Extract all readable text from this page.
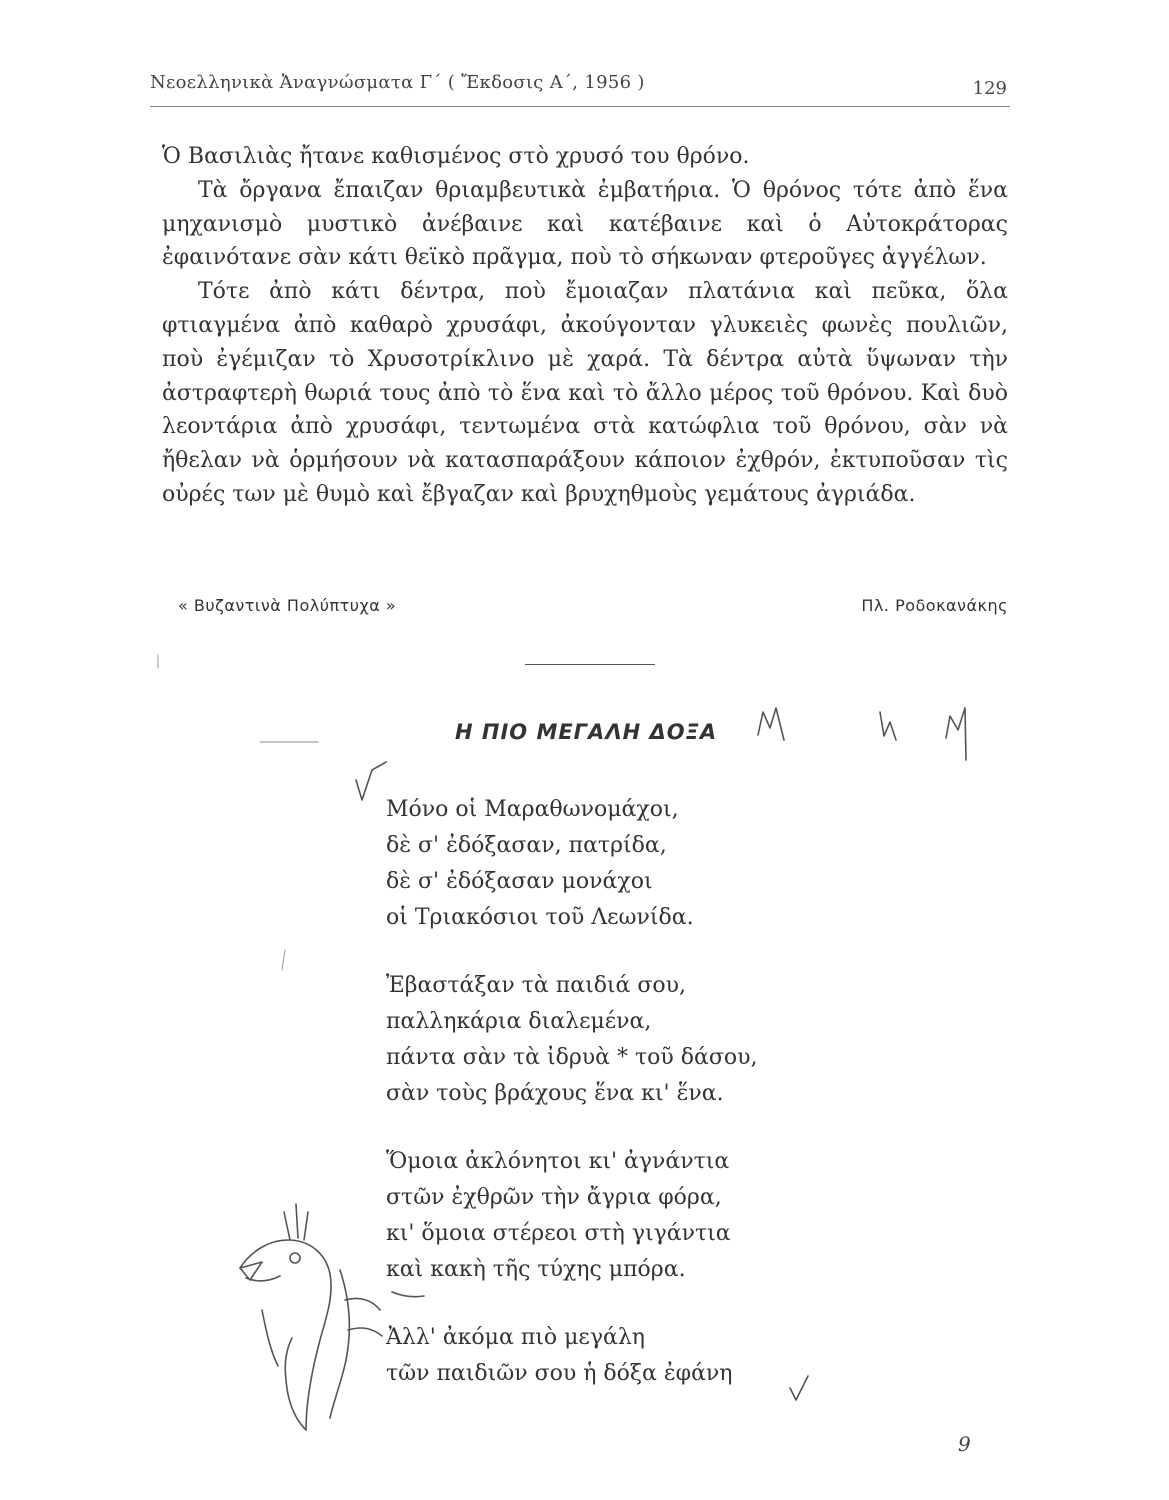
Νεοελληνικὰ Ἀναγνώσματα Γ´ ( Ἔκδοσις Α´, 1956 )	129

Ὁ Βασιλιὰς ἤτανε καθισμένος στὸ χρυσό του θρόνο.

Τὰ ὄργανα ἔπαιζαν θριαμβευτικὰ ἐμβατήρια. Ὁ θρόνος τότε ἀπὸ ἕνα μηχανισμὸ μυστικὸ ἀνέβαινε καὶ κατέβαινε καὶ ὁ Αὐτοκράτορας ἐφαινότανε σὰν κάτι θεϊκὸ πρᾶγμα, ποὺ τὸ σήκωναν φτεροῦγες ἀγγέλων.

Τότε ἀπὸ κάτι δέντρα, ποὺ ἔμοιαζαν πλατάνια καὶ πεῦκα, ὅλα φτιαγμένα ἀπὸ καθαρὸ χρυσάφι, ἀκούγονταν γλυκειὲς φωνὲς πουλιῶν, ποὺ ἐγέμιζαν τὸ Χρυσοτρίκλινο μὲ χαρά. Τὰ δέντρα αὐτὰ ὕψωναν τὴν ἀστραφτερὴ θωριά τους ἀπὸ τὸ ἕνα καὶ τὸ ἄλλο μέρος τοῦ θρόνου. Καὶ δυὸ λεοντάρια ἀπὸ χρυσάφι, τεντωμένα στὰ κατώφλια τοῦ θρόνου, σὰν νὰ ἤθελαν νὰ ὁρμήσουν νὰ κατασπαράξουν κάποιον ἐχθρόν, ἐκτυποῦσαν τὶς οὐρές των μὲ θυμὸ καὶ ἔβγαζαν καὶ βρυχηθμοὺς γεμάτους ἀγριάδα.

« Βυζαντινὰ Πολύπτυχα »	Πλ. Ροδοκανάκης
Η ΠΙΟ ΜΕΓΑΛΗ ΔΟΞΑ
Μόνο οἱ Μαραθωνομάχοι,
δὲ σ' ἐδόξασαν, πατρίδα,
δὲ σ' ἐδόξασαν μονάχοι
οἱ Τριακόσιοι τοῦ Λεωνίδα.
Ἐβαστάξαν τὰ παιδιά σου,
παλληκάρια διαλεμένα,
πάντα σὰν τὰ ἰδρυὰ * τοῦ δάσου,
σὰν τοὺς βράχους ἕνα κι' ἕνα.
Ὅμοια ἀκλόνητοι κι' ἀγνάντια
στῶν ἐχθρῶν τὴν ἄγρια φόρα,
κι' ὅμοια στέρεοι στὴ γιγάντια
καὶ κακὴ τῆς τύχης μπόρα.
Ἀλλ' ἀκόμα πιὸ μεγάλη
τῶν παιδιῶν σου ἡ δόξα ἐφάνη
9
